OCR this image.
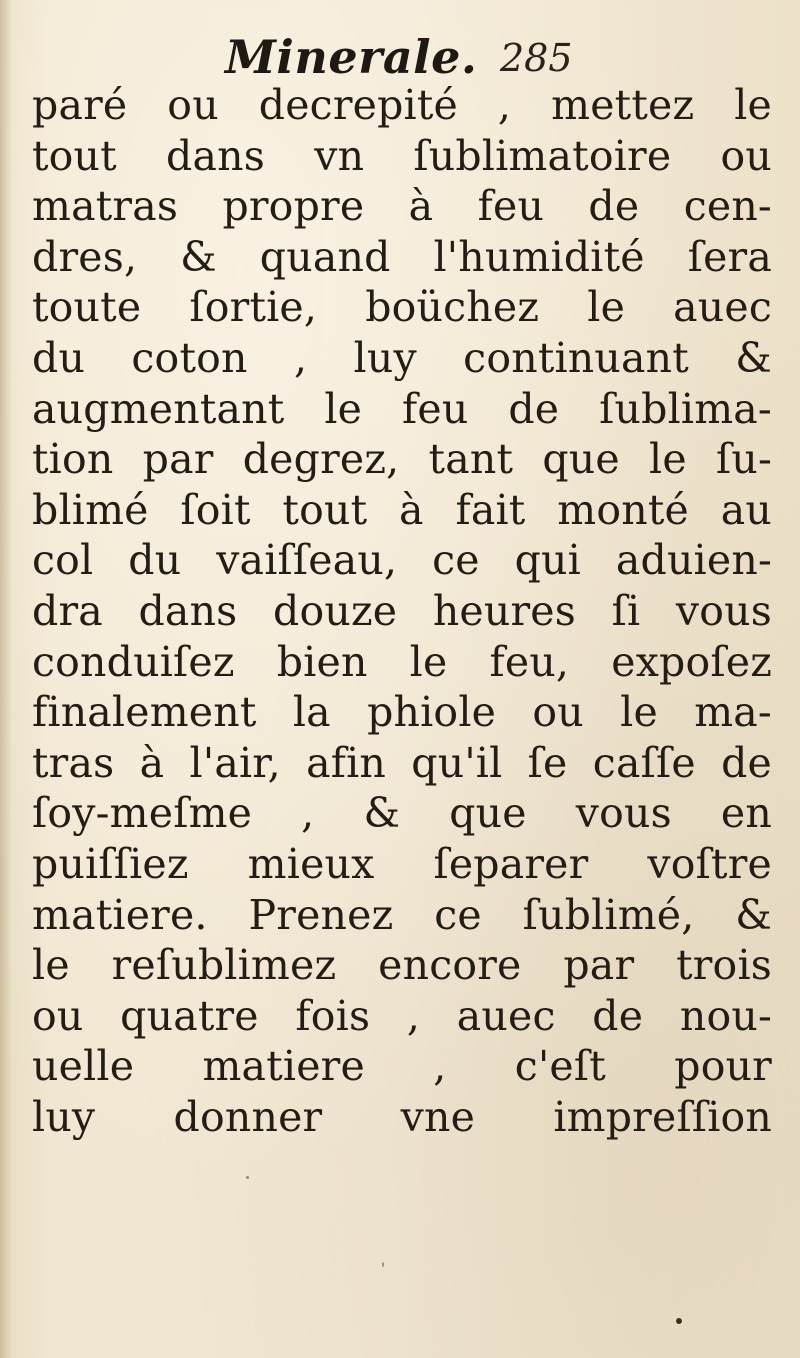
Minerale. 285
paré ou decrepité , mettez le
tout dans vn ſublimatoire ou
matras propre à feu de cen-
dres, & quand l'humidité ſera
toute ſortie, boüchez le auec
du coton , luy continuant &
augmentant le feu de ſublima-
tion par degrez, tant que le ſu-
blimé ſoit tout à fait monté au
col du vaiſſeau, ce qui aduien-
dra dans douze heures ſi vous
conduiſez bien le feu, expoſez
finalement la phiole ou le ma-
tras à l'air, afin qu'il ſe caſſe de
ſoy-meſme , & que vous en
puiſſiez mieux ſeparer voſtre
matiere. Prenez ce ſublimé, &
le reſublimez encore par trois
ou quatre fois , auec de nou-
uelle matiere , c'eſt pour
luy donner vne impreſſion
